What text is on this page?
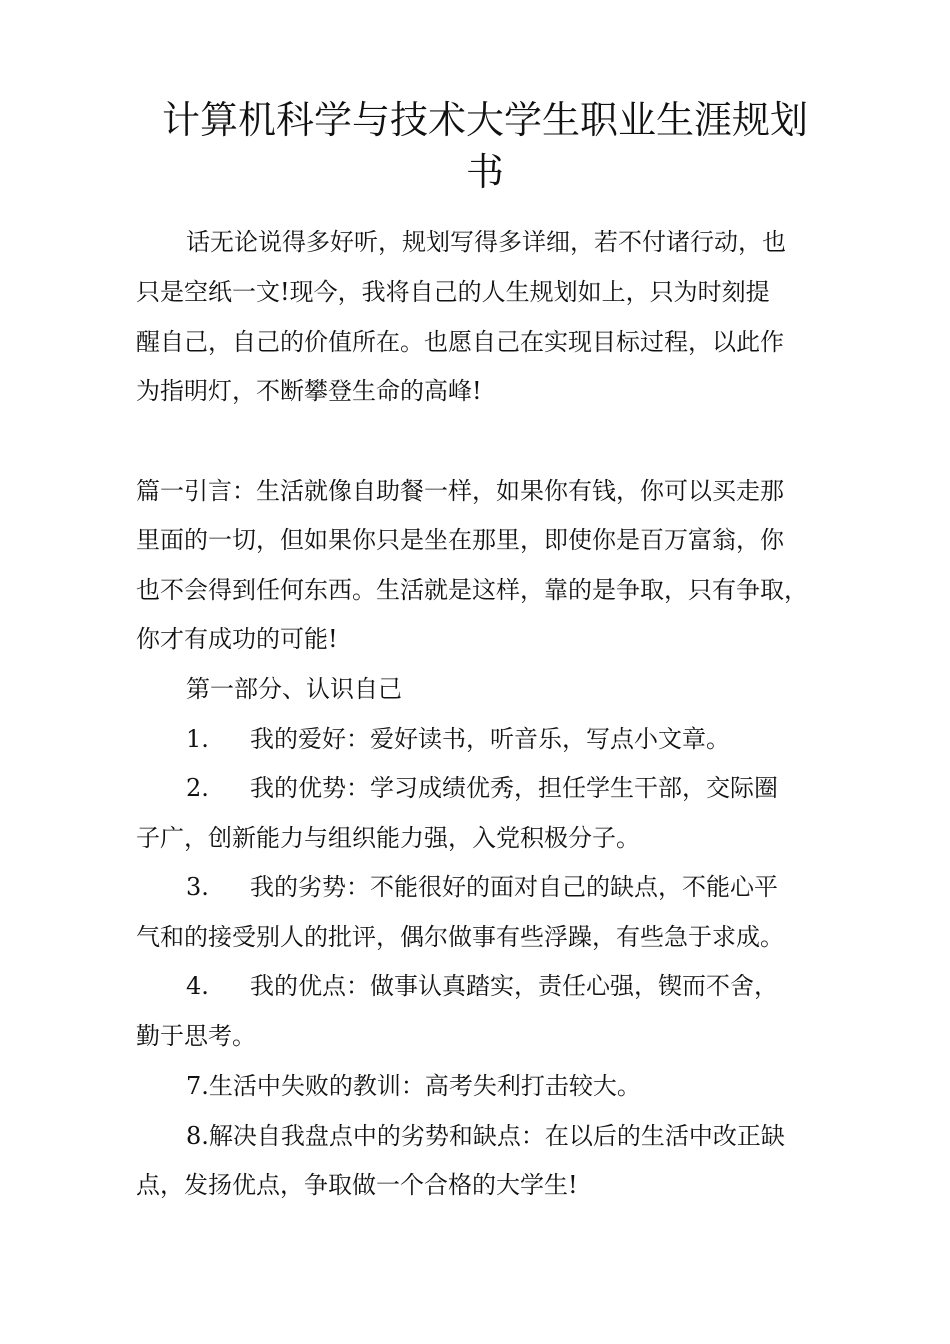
计算机科学与技术大学生职业生涯规划
书
话无论说得多好听，规划写得多详细，若不付诸行动，也
只是空纸一文!现今，我将自己的人生规划如上，只为时刻提
醒自己，自己的价值所在。也愿自己在实现目标过程，以此作
为指明灯，不断攀登生命的高峰!
篇一引言：生活就像自助餐一样，如果你有钱，你可以买走那
里面的一切，但如果你只是坐在那里，即使你是百万富翁，你
也不会得到任何东西。生活就是这样，靠的是争取，只有争取，
你才有成功的可能!
第一部分、认识自己
1. 我的爱好：爱好读书，听音乐，写点小文章。
2. 我的优势：学习成绩优秀，担任学生干部，交际圈
子广，创新能力与组织能力强，入党积极分子。
3. 我的劣势：不能很好的面对自己的缺点，不能心平
气和的接受别人的批评，偶尔做事有些浮躁，有些急于求成。
4. 我的优点：做事认真踏实，责任心强，锲而不舍，
勤于思考。
7.生活中失败的教训：高考失利打击较大。
8.解决自我盘点中的劣势和缺点：在以后的生活中改正缺
点，发扬优点，争取做一个合格的大学生!
